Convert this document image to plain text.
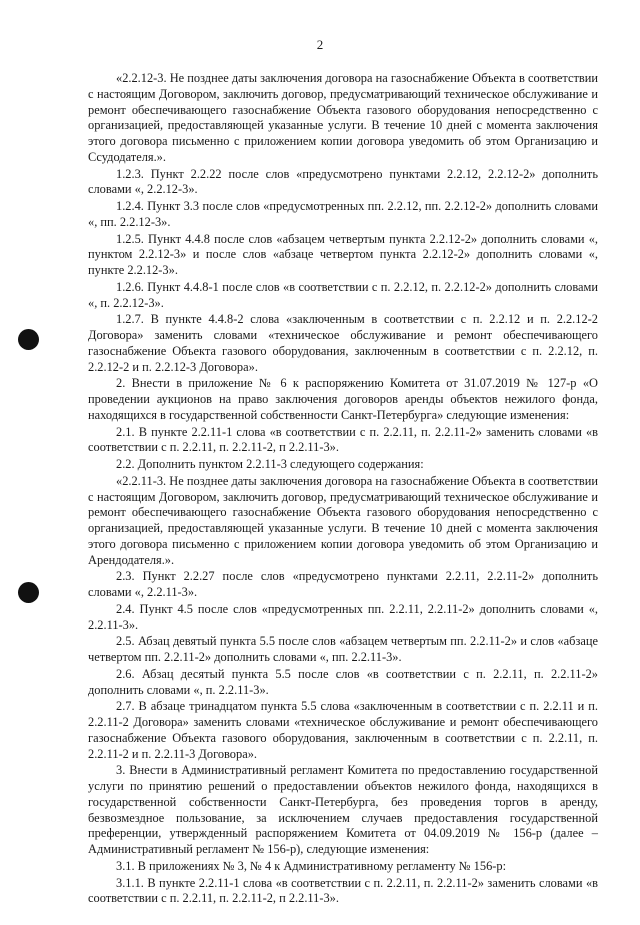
2

«2.2.12-3. Не позднее даты заключения договора на газоснабжение Объекта в соответствии с настоящим Договором, заключить договор, предусматривающий техническое обслуживание и ремонт обеспечивающего газоснабжение Объекта газового оборудования непосредственно с организацией, предоставляющей указанные услуги. В течение 10 дней с момента заключения этого договора письменно с приложением копии договора уведомить об этом Организацию и Ссудодателя.».

1.2.3. Пункт 2.2.22 после слов «предусмотрено пунктами 2.2.12, 2.2.12-2» дополнить словами «, 2.2.12-3».

1.2.4. Пункт 3.3 после слов «предусмотренных пп. 2.2.12, пп. 2.2.12-2» дополнить словами «, пп. 2.2.12-3».

1.2.5. Пункт 4.4.8 после слов «абзацем четвертым пункта 2.2.12-2» дополнить словами «, пунктом 2.2.12-3» и после слов «абзаце четвертом пункта 2.2.12-2» дополнить словами «, пункте 2.2.12-3».

1.2.6. Пункт 4.4.8-1 после слов «в соответствии с п. 2.2.12, п. 2.2.12-2» дополнить словами «, п. 2.2.12-3».

1.2.7. В пункте 4.4.8-2 слова «заключенным в соответствии с п. 2.2.12 и п. 2.2.12-2 Договора» заменить словами «техническое обслуживание и ремонт обеспечивающего газоснабжение Объекта газового оборудования, заключенным в соответствии с п. 2.2.12, п. 2.2.12-2 и п. 2.2.12-3 Договора».

2. Внести в приложение № 6 к распоряжению Комитета от 31.07.2019 № 127-р «О проведении аукционов на право заключения договоров аренды объектов нежилого фонда, находящихся в государственной собственности Санкт-Петербурга» следующие изменения:

2.1. В пункте 2.2.11-1 слова «в соответствии с п. 2.2.11, п. 2.2.11-2» заменить словами «в соответствии с п. 2.2.11, п. 2.2.11-2, п 2.2.11-3».

2.2. Дополнить пунктом 2.2.11-3 следующего содержания:

«2.2.11-3. Не позднее даты заключения договора на газоснабжение Объекта в соответствии с настоящим Договором, заключить договор, предусматривающий техническое обслуживание и ремонт обеспечивающего газоснабжение Объекта газового оборудования непосредственно с организацией, предоставляющей указанные услуги. В течение 10 дней с момента заключения этого договора письменно с приложением копии договора уведомить об этом Организацию и Арендодателя.».

2.3. Пункт 2.2.27 после слов «предусмотрено пунктами 2.2.11, 2.2.11-2» дополнить словами «, 2.2.11-3».

2.4. Пункт 4.5 после слов «предусмотренных пп. 2.2.11, 2.2.11-2» дополнить словами «, 2.2.11-3».

2.5. Абзац девятый пункта 5.5 после слов «абзацем четвертым пп. 2.2.11-2» и слов «абзаце четвертом пп. 2.2.11-2» дополнить словами «, пп. 2.2.11-3».

2.6. Абзац десятый пункта 5.5 после слов «в соответствии с п. 2.2.11, п. 2.2.11-2» дополнить словами «, п. 2.2.11-3».

2.7. В абзаце тринадцатом пункта 5.5 слова «заключенным в соответствии с п. 2.2.11 и п. 2.2.11-2 Договора» заменить словами «техническое обслуживание и ремонт обеспечивающего газоснабжение Объекта газового оборудования, заключенным в соответствии с п. 2.2.11, п. 2.2.11-2 и п. 2.2.11-3 Договора».

3. Внести в Административный регламент Комитета по предоставлению государственной услуги по принятию решений о предоставлении объектов нежилого фонда, находящихся в государственной собственности Санкт-Петербурга, без проведения торгов в аренду, безвозмездное пользование, за исключением случаев предоставления государственной преференции, утвержденный распоряжением Комитета от 04.09.2019 № 156-р (далее – Административный регламент № 156-р), следующие изменения:

3.1. В приложениях № 3, № 4 к Административному регламенту № 156-р:

3.1.1. В пункте 2.2.11-1 слова «в соответствии с п. 2.2.11, п. 2.2.11-2» заменить словами «в соответствии с п. 2.2.11, п. 2.2.11-2, п 2.2.11-3».
